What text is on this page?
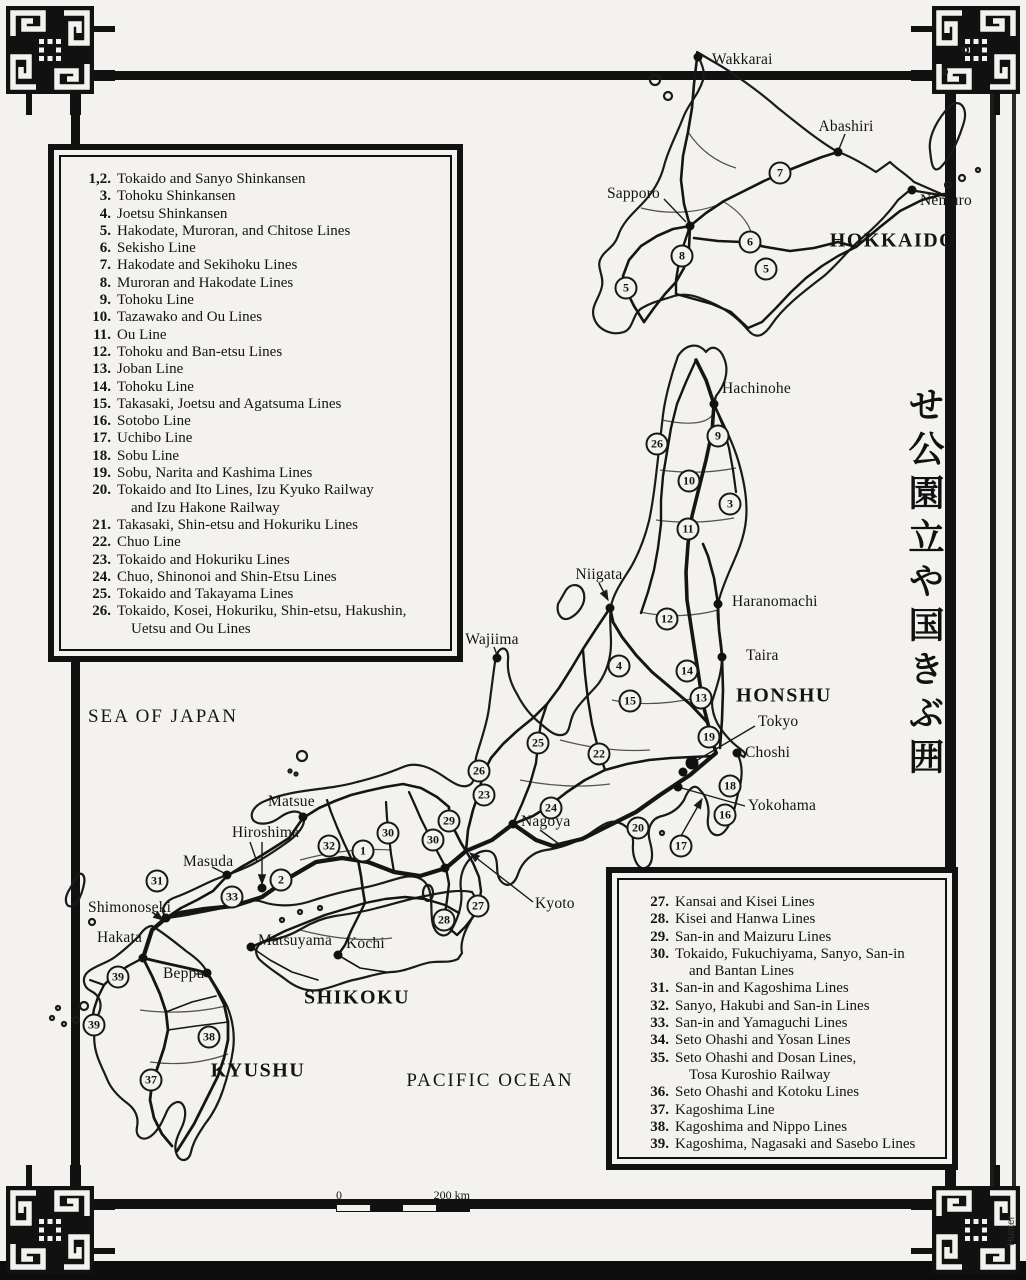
7
6
5
8
5
26
9
10
3
11
12
4	14
15	13
25
22
19
18
16
17
20
26
23
24
29
30	30
32	1
2
27
28
31
33
39
39
38
37
Wakkarai
Abashiri
Sapporo	Nemuro
Hachinohe
Niigata
Haranomachi
Taira
Tokyo
Choshi
Yokohama
Wajiima
Matsue
Hiroshima
Masuda
Shimonoseki
Hakata
Beppu
Matsuyama Kochi
Nagoya
Kyoto
HOKKAIDO
HONSHU
SHIKOKU
KYUSHU
SEA OF JAPAN
PACIFIC OCEAN
1,2. Tokaido and Sanyo Shinkansen
3. Tohoku Shinkansen
4. Joetsu Shinkansen
5. Hakodate, Muroran, and Chitose Lines
6. Sekisho Line
7. Hakodate and Sekihoku Lines
8. Muroran and Hakodate Lines
9. Tohoku Line
10. Tazawako and Ou Lines
11. Ou Line
12. Tohoku and Ban-etsu Lines
13. Joban Line
14. Tohoku Line
15. Takasaki, Joetsu and Agatsuma Lines
16. Sotobo Line
17. Uchibo Line
18. Sobu Line
19. Sobu, Narita and Kashima Lines
20. Tokaido and Ito Lines, Izu Kyuko Railway
and Izu Hakone Railway
21. Takasaki, Shin-etsu and Hokuriku Lines
22. Chuo Line
23. Tokaido and Hokuriku Lines
24. Chuo, Shinonoi and Shin-Etsu Lines
25. Tokaido and Takayama Lines
26. Tokaido, Kosei, Hokuriku, Shin-etsu, Hakushin,
Uetsu and Ou Lines
27. Kansai and Kisei Lines
28. Kisei and Hanwa Lines
29. San-in and Maizuru Lines
30. Tokaido, Fukuchiyama, Sanyo, San-in
and Bantan Lines
31. San-in and Kagoshima Lines
32. Sanyo, Hakubi and San-in Lines
33. San-in and Yamaguchi Lines
34. Seto Ohashi and Yosan Lines
35. Seto Ohashi and Dosan Lines,
Tosa Kuroshio Railway
36. Seto Ohashi and Kotoku Lines
37. Kagoshima Line
38. Kagoshima and Nippo Lines
39. Kagoshima, Nagasaki and Sasebo Lines
0	200 km
せ公園立や国きぶ囲
Hunter
